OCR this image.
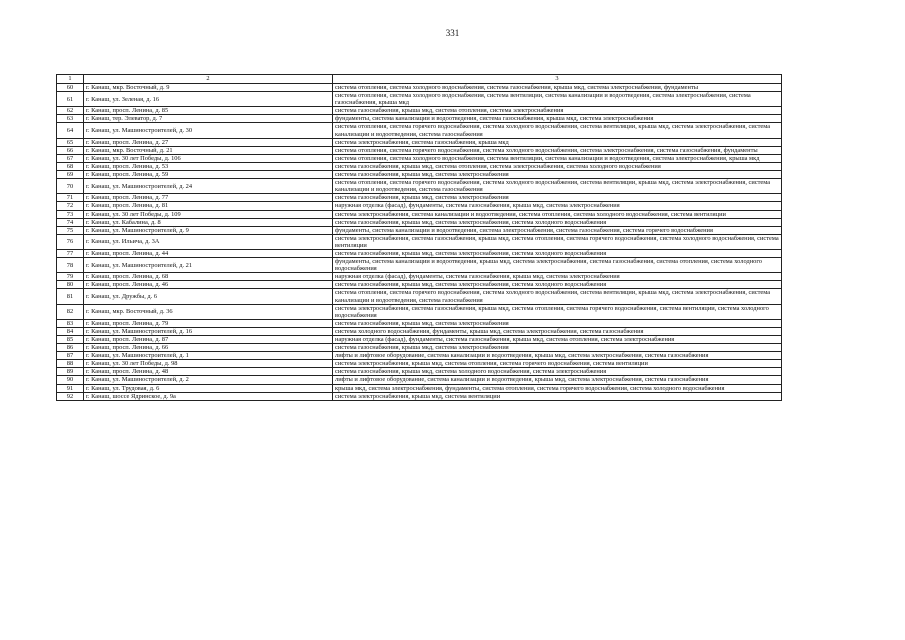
331
1	2	3
60	г. Канаш, мкр. Восточный, д. 9	система отопления, система холодного водоснабжения, система газоснабжения, крыша мкд, система электроснабжения, фундаменты
61	г. Канаш, ул. Зеленая, д. 16	система отопления, система холодного водоснабжения, система вентиляции, система канализации и водоотведения, система электроснабжения, система газоснабжения, крыша мкд
62	г. Канаш, просп. Ленина, д. 85	система газоснабжения, крыша мкд, система отопления, система электроснабжения
63	г. Канаш, тер. Элеватор, д. 7	фундаменты, система канализации и водоотведения, система газоснабжения, крыша мкд, система электроснабжения
64	г. Канаш, ул. Машиностроителей, д. 30	система отопления, система горячего водоснабжения, система холодного водоснабжения, система вентиляции, крыша мкд, система электроснабжения, система канализации и водоотведения, система газоснабжения
65	г. Канаш, просп. Ленина, д. 27	система электроснабжения, система газоснабжения, крыша мкд
66	г. Канаш, мкр. Восточный, д. 21	система отопления, система горячего водоснабжения, система холодного водоснабжения, система электроснабжения, система газоснабжения, фундаменты
67	г. Канаш, ул. 30 лет Победы, д. 106	система отопления, система холодного водоснабжения, система вентиляции, система канализации и водоотведения, система электроснабжения, крыша мкд
68	г. Канаш, просп. Ленина, д. 53	система газоснабжения, крыша мкд, система отопления, система электроснабжения, система холодного водоснабжения
69	г. Канаш, просп. Ленина, д. 59	система газоснабжения, крыша мкд, система электроснабжения
70	г. Канаш, ул. Машиностроителей, д. 24	система отопления, система горячего водоснабжения, система холодного водоснабжения, система вентиляции, крыша мкд, система электроснабжения, система канализации и водоотведения, система газоснабжения
71	г. Канаш, просп. Ленина, д. 77	система газоснабжения, крыша мкд, система электроснабжения
72	г. Канаш, просп. Ленина, д. 81	наружная отделка (фасад), фундаменты, система газоснабжения, крыша мкд, система электроснабжения
73	г. Канаш, ул. 30 лет Победы, д. 109	система электроснабжения, система канализации и водоотведения, система отопления, система холодного водоснабжения, система вентиляции
74	г. Канаш, ул. Кабалина, д. 8	система газоснабжения, крыша мкд, система электроснабжения, система холодного водоснабжения
75	г. Канаш, ул. Машиностроителей, д. 9	фундаменты, система канализации и водоотведения, система электроснабжения, система газоснабжения, система горячего водоснабжения
76	г. Канаш, ул. Ильича, д. 3А	система электроснабжения, система газоснабжения, крыша мкд, система отопления, система горячего водоснабжения, система холодного водоснабжения, система вентиляции
77	г. Канаш, просп. Ленина, д. 44	система газоснабжения, крыша мкд, система электроснабжения, система холодного водоснабжения
78	г. Канаш, ул. Машиностроителей, д. 21	фундаменты, система канализации и водоотведения, крыша мкд, система электроснабжения, система газоснабжения, система отопления, система холодного водоснабжения
79	г. Канаш, просп. Ленина, д. 68	наружная отделка (фасад), фундаменты, система газоснабжения, крыша мкд, система электроснабжения
80	г. Канаш, просп. Ленина, д. 46	система газоснабжения, крыша мкд, система электроснабжения, система холодного водоснабжения
81	г. Канаш, ул. Дружбы, д. 6	система отопления, система горячего водоснабжения, система холодного водоснабжения, система вентиляции, крыша мкд, система электроснабжения, система канализации и водоотведения, система газоснабжения
82	г. Канаш, мкр. Восточный, д. 36	система электроснабжения, система газоснабжения, крыша мкд, система отопления, система горячего водоснабжения, система вентиляции, система холодного водоснабжения
83	г. Канаш, просп. Ленина, д. 79	система газоснабжения, крыша мкд, система электроснабжения
84	г. Канаш, ул. Машиностроителей, д. 16	система холодного водоснабжения, фундаменты, крыша мкд, система электроснабжения, система газоснабжения
85	г. Канаш, просп. Ленина, д. 87	наружная отделка (фасад), фундаменты, система газоснабжения, крыша мкд, система отопления, система электроснабжения
86	г. Канаш, просп. Ленина, д. 66	система газоснабжения, крыша мкд, система электроснабжения
87	г. Канаш, ул. Машиностроителей, д. 1	лифты и лифтовое оборудование, система канализации и водоотведения, крыша мкд, система электроснабжения, система газоснабжения
88	г. Канаш, ул. 30 лет Победы, д. 98	система электроснабжения, крыша мкд, система отопления, система горячего водоснабжения, система вентиляции
89	г. Канаш, просп. Ленина, д. 48	система газоснабжения, крыша мкд, система холодного водоснабжения, система электроснабжения
90	г. Канаш, ул. Машиностроителей, д. 2	лифты и лифтовое оборудование, система канализации и водоотведения, крыша мкд, система электроснабжения, система газоснабжения
91	г. Канаш, ул. Трудовая, д. 6	крыша мкд, система электроснабжения, фундаменты, система отопления, система горячего водоснабжения, система холодного водоснабжения
92	г. Канаш, шоссе Ядринское, д. 9а	система электроснабжения, крыша мкд, система вентиляции
